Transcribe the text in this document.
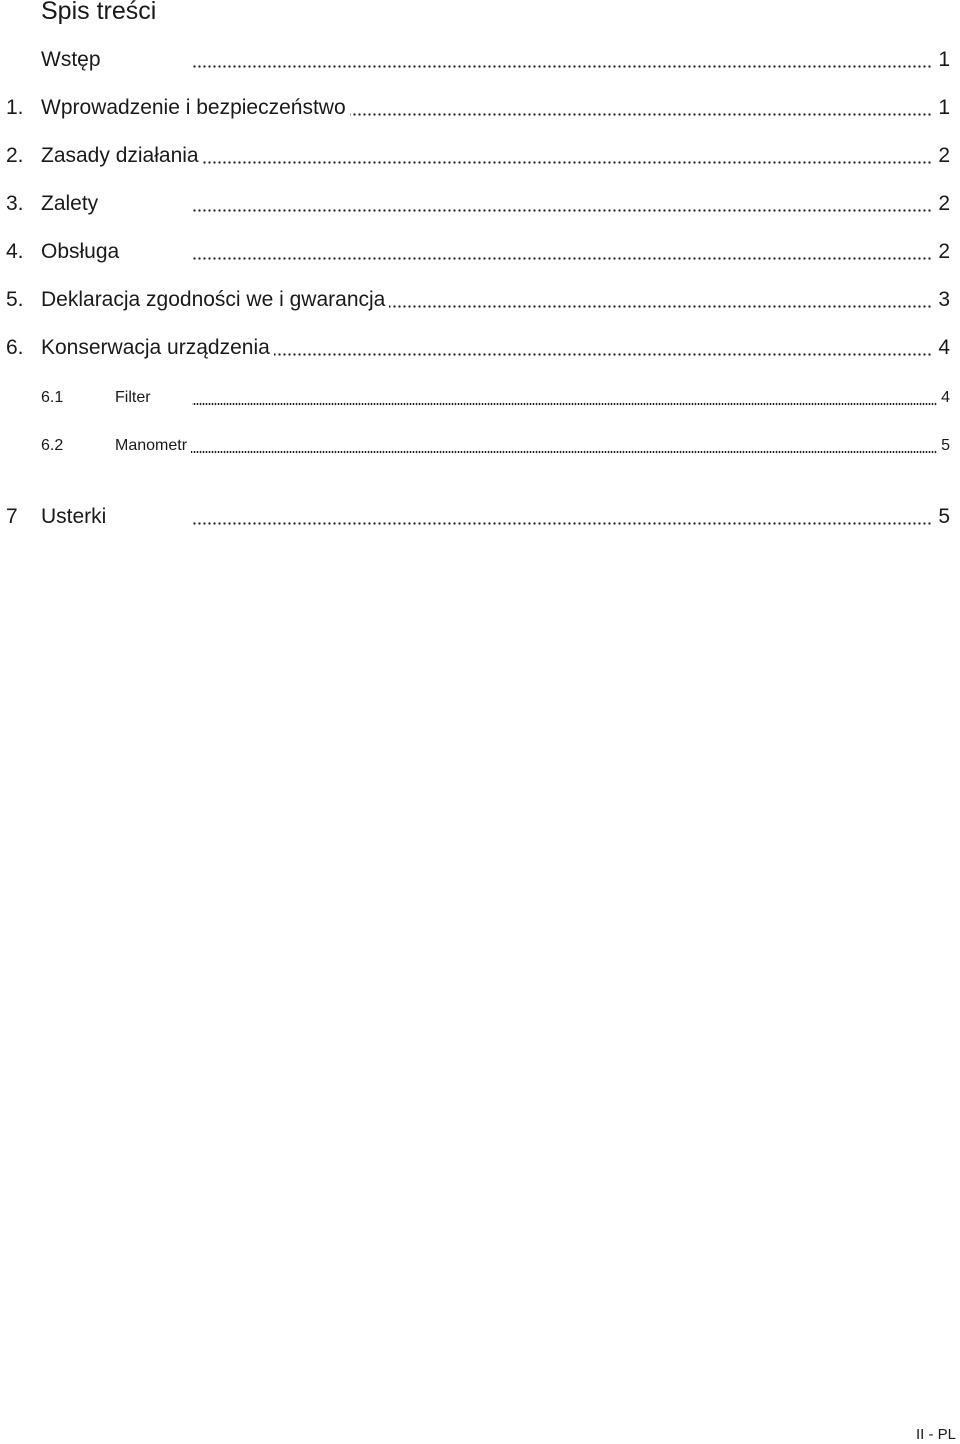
Spis treści
Wstęp	1
1. Wprowadzenie i bezpieczeństwo	1
2. Zasady działania	2
3. Zalety	2
4. Obsługa	2
5. Deklaracja zgodności we i gwarancja	3
6. Konserwacja urządzenia	4
6.1	Filter	4
6.2	Manometr	5
7 Usterki	5
II - PL
